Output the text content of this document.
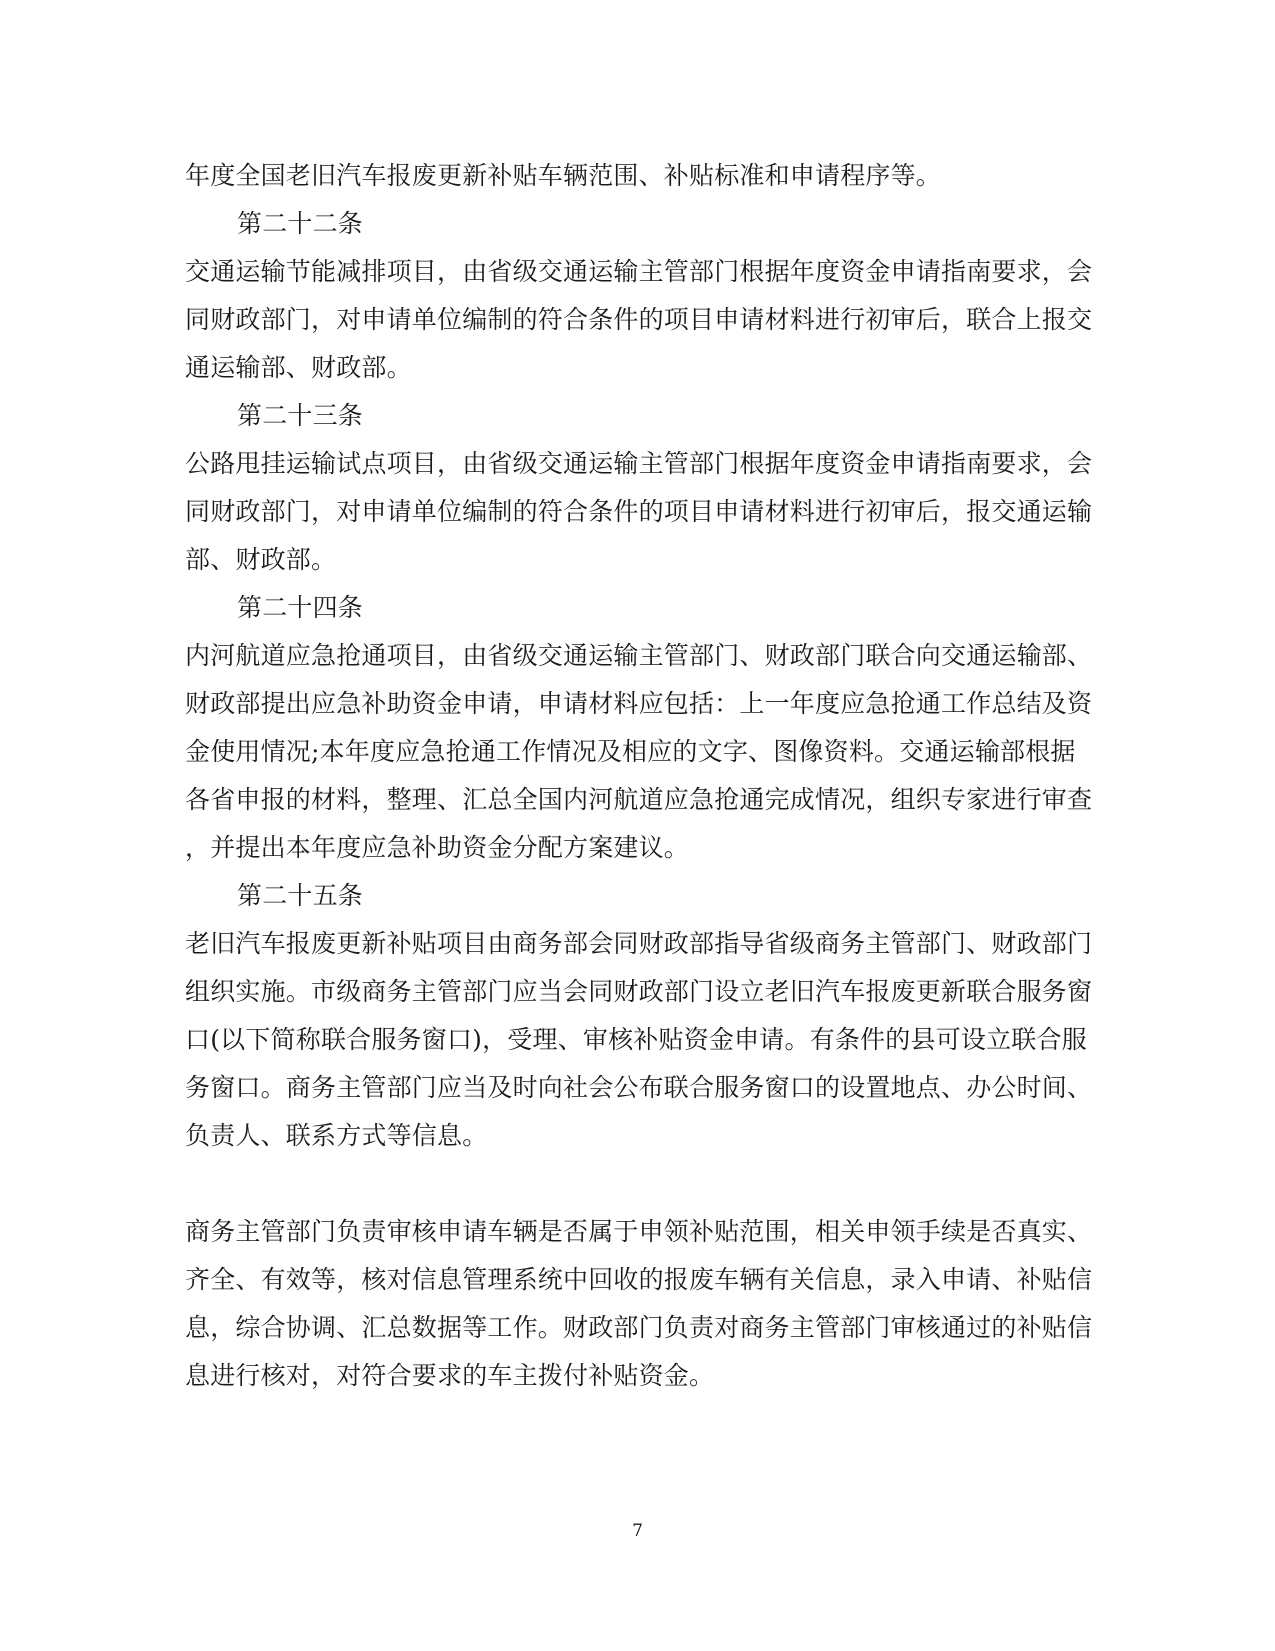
年度全国老旧汽车报废更新补贴车辆范围、补贴标准和申请程序等。
第二十二条
交通运输节能减排项目，由省级交通运输主管部门根据年度资金申请指南要求，会
同财政部门，对申请单位编制的符合条件的项目申请材料进行初审后，联合上报交
通运输部、财政部。
第二十三条
公路甩挂运输试点项目，由省级交通运输主管部门根据年度资金申请指南要求，会
同财政部门，对申请单位编制的符合条件的项目申请材料进行初审后，报交通运输
部、财政部。
第二十四条
内河航道应急抢通项目，由省级交通运输主管部门、财政部门联合向交通运输部、
财政部提出应急补助资金申请，申请材料应包括：上一年度应急抢通工作总结及资
金使用情况;本年度应急抢通工作情况及相应的文字、图像资料。交通运输部根据
各省申报的材料，整理、汇总全国内河航道应急抢通完成情况，组织专家进行审查
，并提出本年度应急补助资金分配方案建议。
第二十五条
老旧汽车报废更新补贴项目由商务部会同财政部指导省级商务主管部门、财政部门
组织实施。市级商务主管部门应当会同财政部门设立老旧汽车报废更新联合服务窗
口(以下简称联合服务窗口)，受理、审核补贴资金申请。有条件的县可设立联合服
务窗口。商务主管部门应当及时向社会公布联合服务窗口的设置地点、办公时间、
负责人、联系方式等信息。
商务主管部门负责审核申请车辆是否属于申领补贴范围，相关申领手续是否真实、
齐全、有效等，核对信息管理系统中回收的报废车辆有关信息，录入申请、补贴信
息，综合协调、汇总数据等工作。财政部门负责对商务主管部门审核通过的补贴信
息进行核对，对符合要求的车主拨付补贴资金。
7
